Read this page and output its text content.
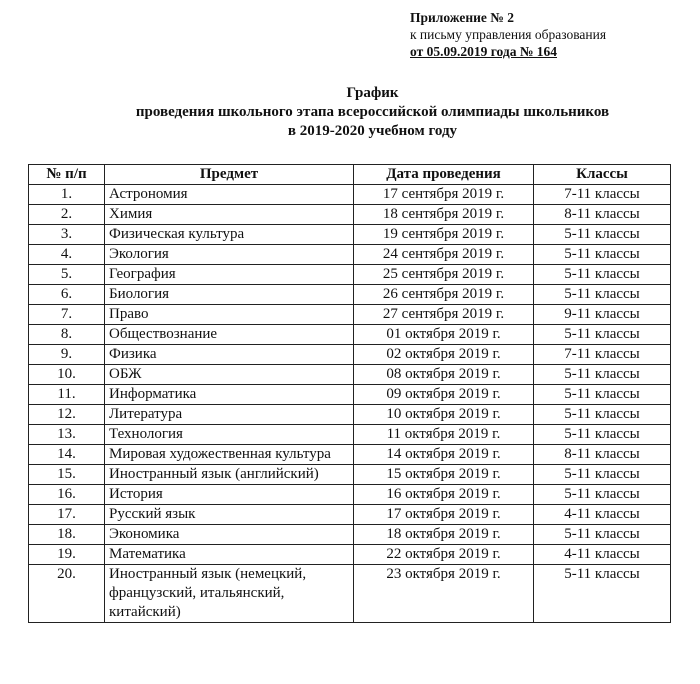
Приложение № 2
к письму управления образования
от 05.09.2019 года № 164
График
проведения школьного этапа всероссийской олимпиады школьников
в 2019-2020 учебном году
№ п/п	Предмет	Дата проведения	Классы
1.	Астрономия	17 сентября 2019 г.	7-11 классы
2.	Химия	18 сентября 2019 г.	8-11 классы
3.	Физическая культура	19 сентября 2019 г.	5-11 классы
4.	Экология	24 сентября 2019 г.	5-11 классы
5.	География	25 сентября 2019 г.	5-11 классы
6.	Биология	26 сентября 2019 г.	5-11 классы
7.	Право	27 сентября 2019 г.	9-11 классы
8.	Обществознание	01 октября 2019 г.	5-11 классы
9.	Физика	02 октября 2019 г.	7-11 классы
10.	ОБЖ	08 октября 2019 г.	5-11 классы
11.	Информатика	09 октября 2019 г.	5-11 классы
12.	Литература	10 октября 2019 г.	5-11 классы
13.	Технология	11 октября 2019 г.	5-11 классы
14.	Мировая художественная культура	14 октября 2019 г.	8-11 классы
15.	Иностранный язык (английский)	15 октября 2019 г.	5-11 классы
16.	История	16 октября 2019 г.	5-11 классы
17.	Русский язык	17 октября 2019 г.	4-11 классы
18.	Экономика	18 октября 2019 г.	5-11 классы
19.	Математика	22 октября 2019 г.	4-11 классы
20.	Иностранный язык (немецкий, французский, итальянский, китайский)	23 октября 2019 г.	5-11 классы
